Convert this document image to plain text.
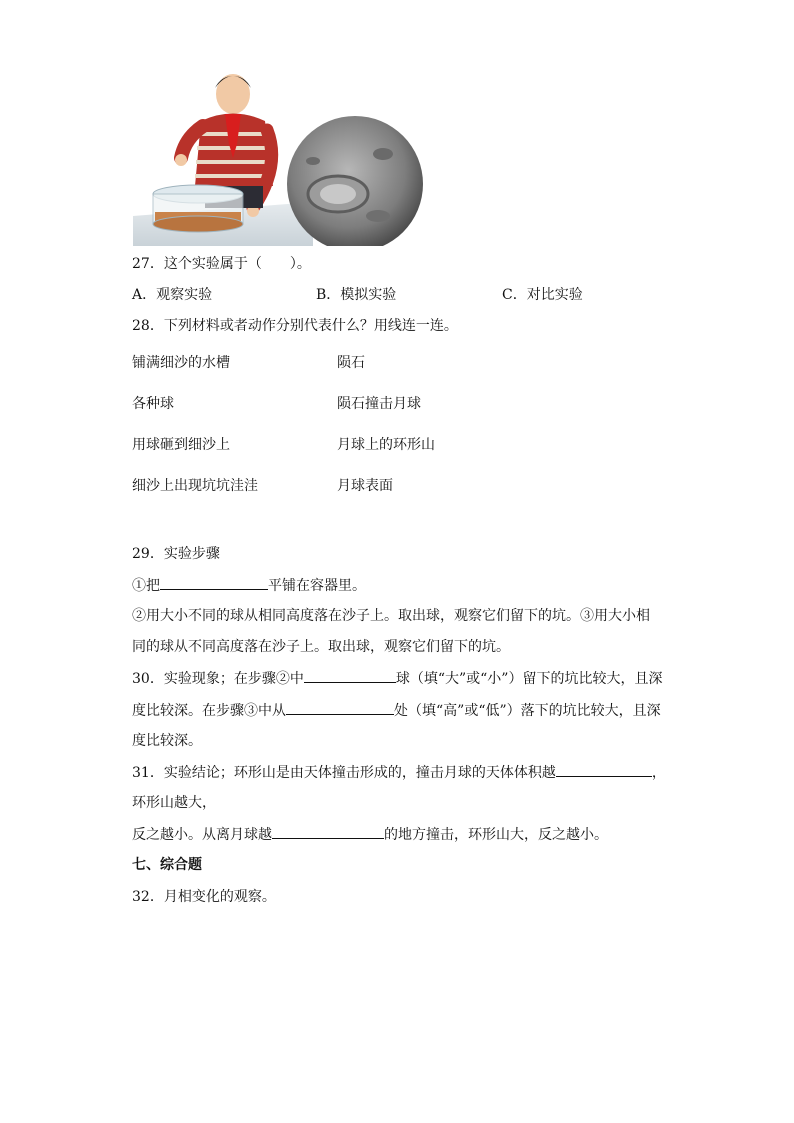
27．这个实验属于（　　）。
A．观察实验	B．模拟实验	C．对比实验
28．下列材料或者动作分别代表什么？用线连一连。
铺满细沙的水槽	陨石
各种球	陨石撞击月球
用球砸到细沙上	月球上的环形山
细沙上出现坑坑洼洼	月球表面
29．实验步骤
①把	平铺在容器里。
②用大小不同的球从相同高度落在沙子上。取出球，观察它们留下的坑。③用大小相
同的球从不同高度落在沙子上。取出球，观察它们留下的坑。
30．实验现象；在步骤②中	球（填“大”或“小”）留下的坑比较大，且深
度比较深。在步骤③中从	处（填“高”或“低”）落下的坑比较大，且深
度比较深。
31．实验结论；环形山是由天体撞击形成的，撞击月球的天体体积越	，
环形山越大，
反之越小。从离月球越	的地方撞击，环形山大，反之越小。
七、综合题
32．月相变化的观察。
